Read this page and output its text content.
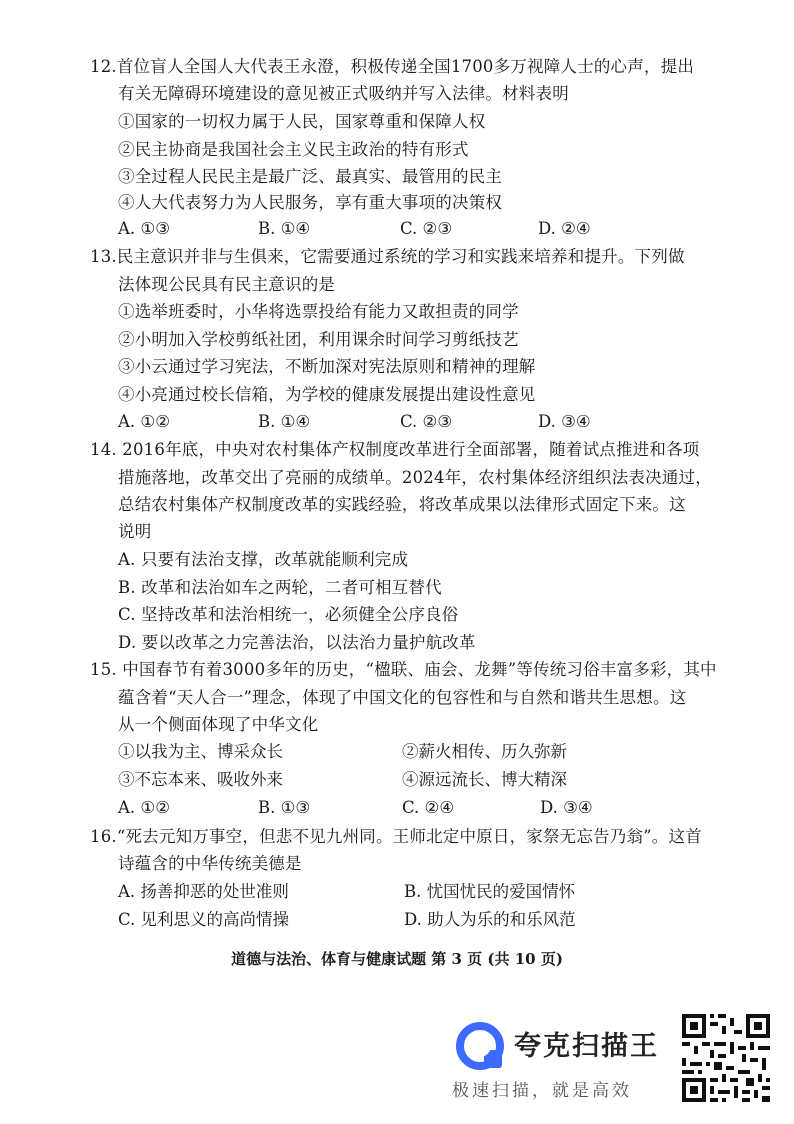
12.首位盲人全国人大代表王永澄，积极传递全国1700多万视障人士的心声，提出
有关无障碍环境建设的意见被正式吸纳并写入法律。材料表明
①国家的一切权力属于人民，国家尊重和保障人权
②民主协商是我国社会主义民主政治的特有形式
③全过程人民民主是最广泛、最真实、最管用的民主
④人大代表努力为人民服务，享有重大事项的决策权
A. ①③	B. ①④	C. ②③	D. ②④
13.民主意识并非与生俱来，它需要通过系统的学习和实践来培养和提升。下列做
法体现公民具有民主意识的是
①选举班委时，小华将选票投给有能力又敢担责的同学
②小明加入学校剪纸社团，利用课余时间学习剪纸技艺
③小云通过学习宪法，不断加深对宪法原则和精神的理解
④小亮通过校长信箱，为学校的健康发展提出建设性意见
A. ①②	B. ①④	C. ②③	D. ③④
14. 2016年底，中央对农村集体产权制度改革进行全面部署，随着试点推进和各项
措施落地，改革交出了亮丽的成绩单。2024年，农村集体经济组织法表决通过，
总结农村集体产权制度改革的实践经验，将改革成果以法律形式固定下来。这
说明
A. 只要有法治支撑，改革就能顺利完成
B. 改革和法治如车之两轮，二者可相互替代
C. 坚持改革和法治相统一，必须健全公序良俗
D. 要以改革之力完善法治，以法治力量护航改革
15. 中国春节有着3000多年的历史，“楹联、庙会、龙舞”等传统习俗丰富多彩，其中
蕴含着“天人合一”理念，体现了中国文化的包容性和与自然和谐共生思想。这
从一个侧面体现了中华文化
①以我为主、博采众长	②薪火相传、历久弥新
③不忘本来、吸收外来	④源远流长、博大精深
A. ①②	B. ①③	C. ②④	D. ③④
16.“死去元知万事空，但悲不见九州同。王师北定中原日，家祭无忘告乃翁”。这首
诗蕴含的中华传统美德是
A. 扬善抑恶的处世准则	B. 忧国忧民的爱国情怀
C. 见利思义的高尚情操	D. 助人为乐的和乐风范
道德与法治、体育与健康试题 第 3 页 (共 10 页)
夸克扫描王
极速扫描，就是高效
